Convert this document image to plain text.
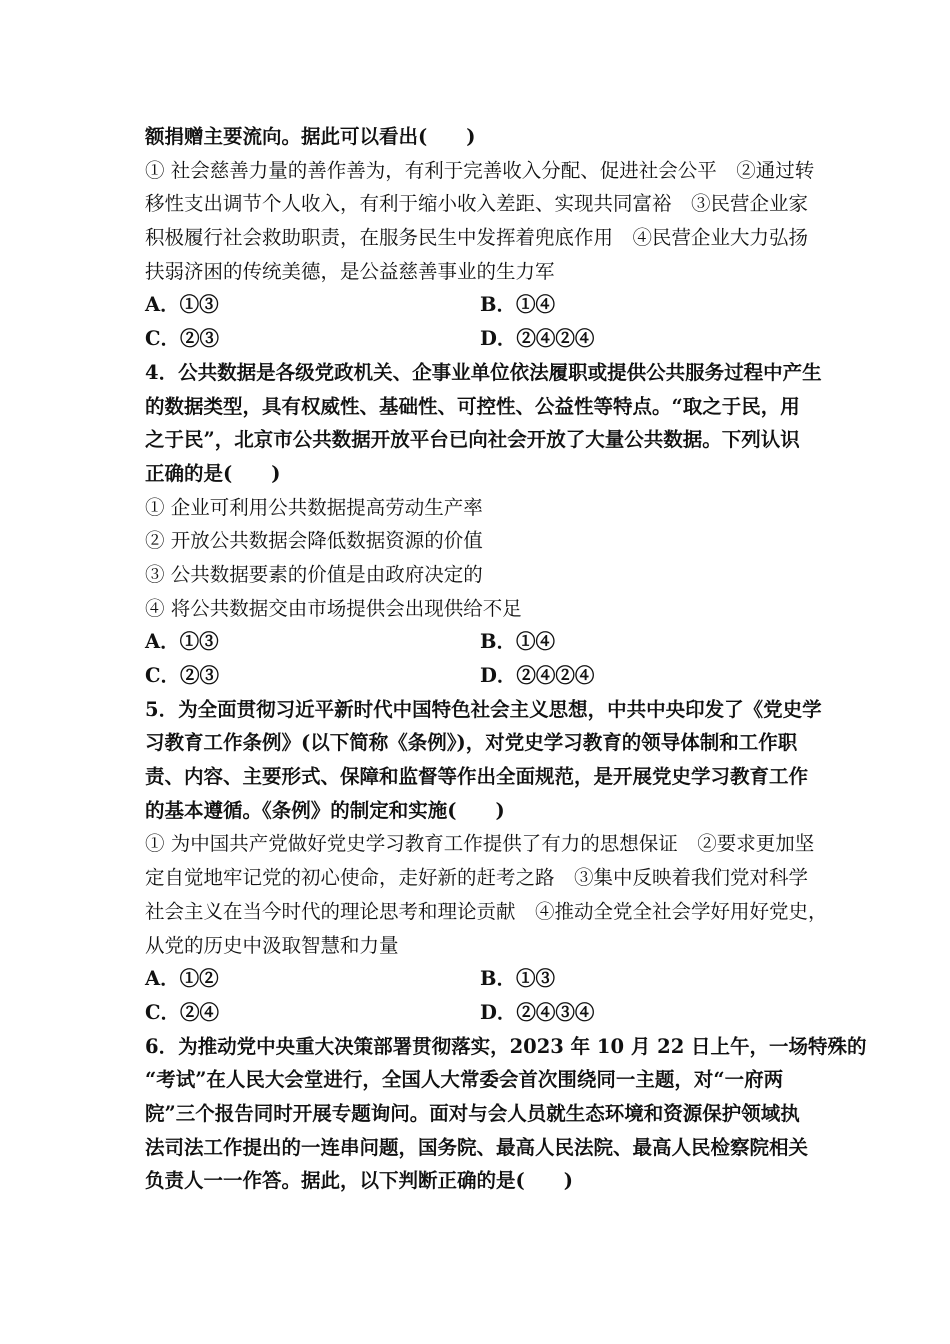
额捐赠主要流向。据此可以看出(　　)
① 社会慈善力量的善作善为，有利于完善收入分配、促进社会公平　②通过转
移性支出调节个人收入，有利于缩小收入差距、实现共同富裕　③民营企业家
积极履行社会救助职责，在服务民生中发挥着兜底作用　④民营企业大力弘扬
扶弱济困的传统美德，是公益慈善事业的生力军
A．①③	B．①④
C．②③	D．②④②④
4．公共数据是各级党政机关、企事业单位依法履职或提供公共服务过程中产生
的数据类型，具有权威性、基础性、可控性、公益性等特点。“取之于民，用
之于民”，北京市公共数据开放平台已向社会开放了大量公共数据。下列认识
正确的是(　　)
① 企业可利用公共数据提高劳动生产率
② 开放公共数据会降低数据资源的价值
③ 公共数据要素的价值是由政府决定的
④ 将公共数据交由市场提供会出现供给不足
A．①③	B．①④
C．②③	D．②④②④
5．为全面贯彻习近平新时代中国特色社会主义思想，中共中央印发了《党史学
习教育工作条例》(以下简称《条例》)，对党史学习教育的领导体制和工作职
责、内容、主要形式、保障和监督等作出全面规范，是开展党史学习教育工作
的基本遵循。《条例》的制定和实施(　　)
① 为中国共产党做好党史学习教育工作提供了有力的思想保证　②要求更加坚
定自觉地牢记党的初心使命，走好新的赶考之路　③集中反映着我们党对科学
社会主义在当今时代的理论思考和理论贡献　④推动全党全社会学好用好党史，
从党的历史中汲取智慧和力量
A．①②	B．①③
C．②④	D．②④③④
6．为推动党中央重大决策部署贯彻落实，2023 年 10 月 22 日上午，一场特殊的
“考试”在人民大会堂进行，全国人大常委会首次围绕同一主题，对“一府两
院”三个报告同时开展专题询问。面对与会人员就生态环境和资源保护领域执
法司法工作提出的一连串问题，国务院、最高人民法院、最高人民检察院相关
负责人一一作答。据此，以下判断正确的是(　　)
